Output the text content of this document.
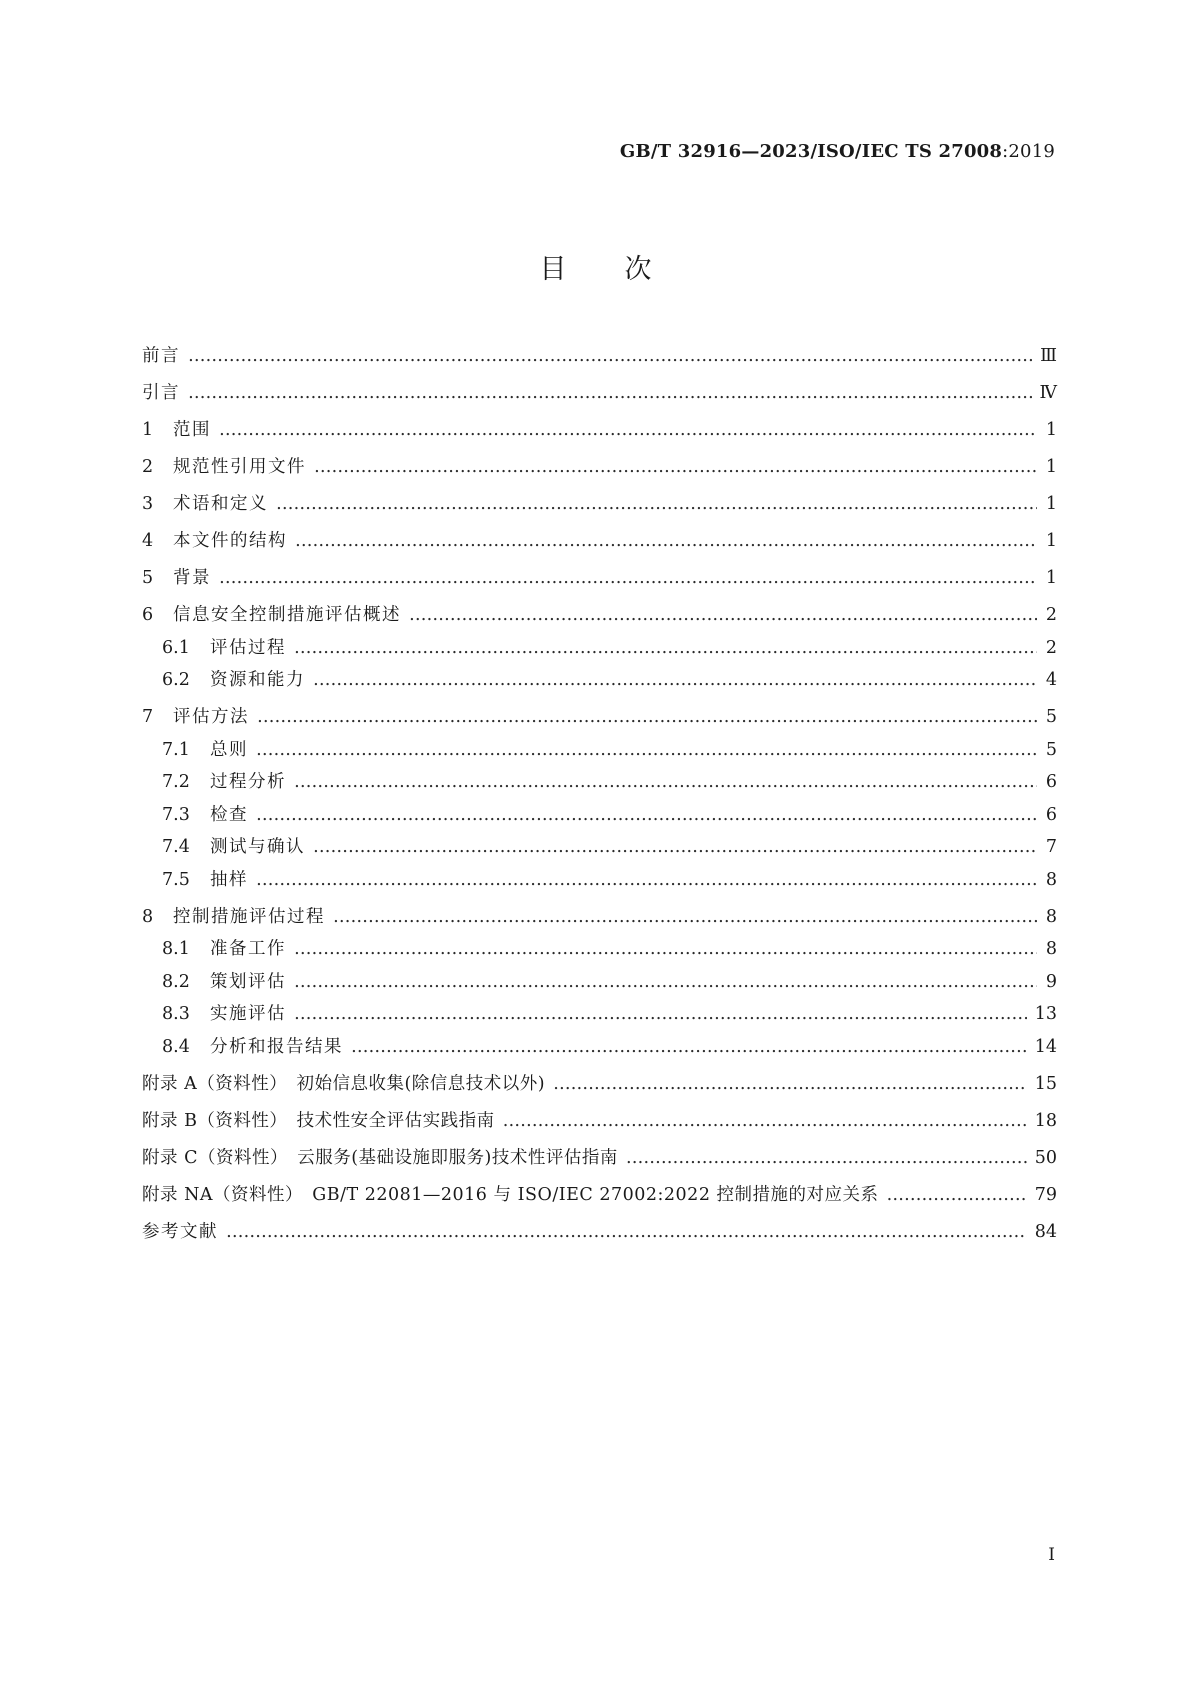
GB/T 32916—2023/ISO/IEC TS 27008:2019
目次
前言 …………………………………………………………………………………………………………………………………………………………………………………………………………………………………………	Ⅲ
引言 …………………………………………………………………………………………………………………………………………………………………………………………………………………………………………	Ⅳ
1	范围 …………………………………………………………………………………………………………………………………………………………………………………………………………………………………………	1
2	规范性引用文件 …………………………………………………………………………………………………………………………………………………………………………………………………………………………………………	1
3	术语和定义 …………………………………………………………………………………………………………………………………………………………………………………………………………………………………………	1
4	本文件的结构 …………………………………………………………………………………………………………………………………………………………………………………………………………………………………………	1
5	背景 …………………………………………………………………………………………………………………………………………………………………………………………………………………………………………	1
6	信息安全控制措施评估概述 …………………………………………………………………………………………………………………………………………………………………………………………………………………………………………	2
6.1	评估过程 …………………………………………………………………………………………………………………………………………………………………………………………………………………………………………	2
6.2	资源和能力 …………………………………………………………………………………………………………………………………………………………………………………………………………………………………………	4
7	评估方法 …………………………………………………………………………………………………………………………………………………………………………………………………………………………………………	5
7.1	总则 …………………………………………………………………………………………………………………………………………………………………………………………………………………………………………	5
7.2	过程分析 …………………………………………………………………………………………………………………………………………………………………………………………………………………………………………	6
7.3	检查 …………………………………………………………………………………………………………………………………………………………………………………………………………………………………………	6
7.4	测试与确认 …………………………………………………………………………………………………………………………………………………………………………………………………………………………………………	7
7.5	抽样 …………………………………………………………………………………………………………………………………………………………………………………………………………………………………………	8
8	控制措施评估过程 …………………………………………………………………………………………………………………………………………………………………………………………………………………………………………	8
8.1	准备工作 …………………………………………………………………………………………………………………………………………………………………………………………………………………………………………	8
8.2	策划评估 …………………………………………………………………………………………………………………………………………………………………………………………………………………………………………	9
8.3	实施评估 …………………………………………………………………………………………………………………………………………………………………………………………………………………………………………	13
8.4	分析和报告结果 …………………………………………………………………………………………………………………………………………………………………………………………………………………………………………	14
附录 A（资料性）　初始信息收集(除信息技术以外) …………………………………………………………………………………………………………………………………………………………………………………………………………………………………………	15
附录 B（资料性）　技术性安全评估实践指南 …………………………………………………………………………………………………………………………………………………………………………………………………………………………………………	18
附录 C（资料性）　云服务(基础设施即服务)技术性评估指南 …………………………………………………………………………………………………………………………………………………………………………………………………………………………………………	50
附录 NA（资料性）　GB/T 22081—2016 与 ISO/IEC 27002:2022 控制措施的对应关系 …………………………………………………………………………………………………………………………………………………………………………………………………………………………………………	79
参考文献 …………………………………………………………………………………………………………………………………………………………………………………………………………………………………………	84
I
